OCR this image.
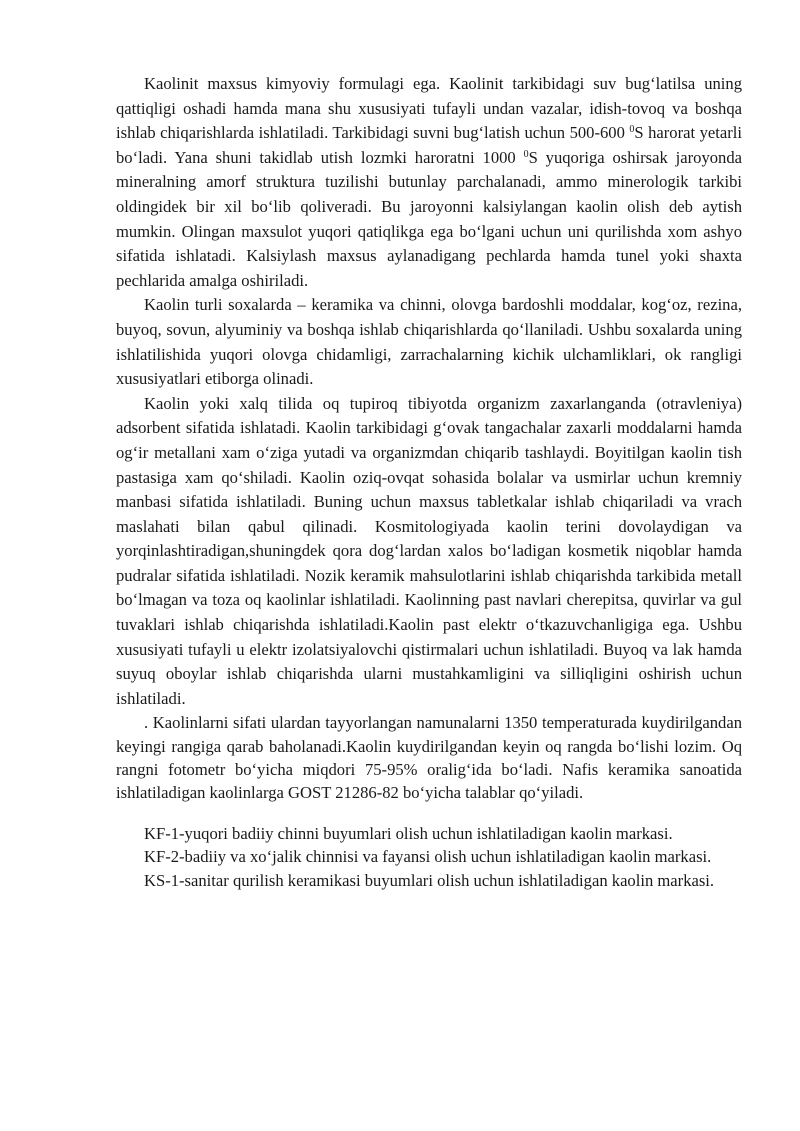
Kaolinit maxsus kimyoviy formulagi ega. Kaolinit tarkibidagi suv bug‘latilsa uning qattiqligi oshadi hamda mana shu xususiyati tufayli undan vazalar, idish-tovoq va boshqa ishlab chiqarishlarda ishlatiladi. Tarkibidagi suvni bug‘latish uchun 500-600 $^0$S harorat yetarli bo‘ladi. Yana shuni takidlab utish lozmki haroratni 1000 $^0$S yuqoriga oshirsak jaroyonda mineralning amorf struktura tuzilishi butunlay parchalanadi, ammo minerologik tarkibi oldingidek bir xil bo‘lib qoliveradi. Bu jaroyonni kalsiylangan kaolin olish deb aytish mumkin. Olingan maxsulot yuqori qatiqlikga ega bo‘lgani uchun uni qurilishda xom ashyo sifatida ishlatadi. Kalsiylash maxsus aylanadigang pechlarda hamda tunel yoki shaxta pechlarida amalga oshiriladi.

Kaolin turli soxalarda – keramika va chinni, olovga bardoshli moddalar, kog‘oz, rezina, buyoq, sovun, alyuminiy va boshqa ishlab chiqarishlarda qo‘llaniladi. Ushbu soxalarda uning ishlatilishida yuqori olovga chidamligi, zarrachalarning kichik ulchamliklari, ok rangligi xususiyatlari etiborga olinadi.

Kaolin yoki xalq tilida oq tupiroq tibiyotda organizm zaxarlanganda (otravleniya) adsorbent sifatida ishlatadi. Kaolin tarkibidagi g‘ovak tangachalar zaxarli moddalarni hamda og‘ir metallani xam o‘ziga yutadi va organizmdan chiqarib tashlaydi. Boyitilgan kaolin tish pastasiga xam qo‘shiladi. Kaolin oziq-ovqat sohasida bolalar va usmirlar uchun kremniy manbasi sifatida ishlatiladi. Buning uchun maxsus tabletkalar ishlab chiqariladi va vrach maslahati bilan qabul qilinadi. Kosmitologiyada kaolin terini dovolaydigan va yorqinlashtiradigan,shuningdek qora dog‘lardan xalos bo‘ladigan kosmetik niqoblar hamda pudralar sifatida ishlatiladi. Nozik keramik mahsulotlarini ishlab chiqarishda tarkibida metall bo‘lmagan va toza oq kaolinlar ishlatiladi. Kaolinning past navlari cherepitsa, quvirlar va gul tuvaklari ishlab chiqarishda ishlatiladi.Kaolin past elektr o‘tkazuvchanligiga ega. Ushbu xususiyati tufayli u elektr izolatsiyalovchi qistirmalari uchun ishlatiladi. Buyoq va lak hamda suyuq oboylar ishlab chiqarishda ularni mustahkamligini va silliqligini oshirish uchun ishlatiladi.

. Kaolinlarni sifati ulardan tayyorlangan namunalarni 1350 temperaturada kuydirilgandan keyingi rangiga qarab baholanadi.Kaolin kuydirilgandan keyin oq rangda bo‘lishi lozim. Oq rangni fotometr bo‘yicha miqdori 75-95% oralig‘ida bo‘ladi. Nafis keramika sanoatida ishlatiladigan kaolinlarga GOST 21286-82 bo‘yicha talablar qo‘yiladi.

KF-1-yuqori badiiy chinni buyumlari olish uchun ishlatiladigan kaolin markasi.

KF-2-badiiy va xo‘jalik chinnisi va fayansi olish uchun ishlatiladigan kaolin markasi.

KS-1-sanitar qurilish keramikasi buyumlari olish uchun ishlatiladigan kaolin markasi.
